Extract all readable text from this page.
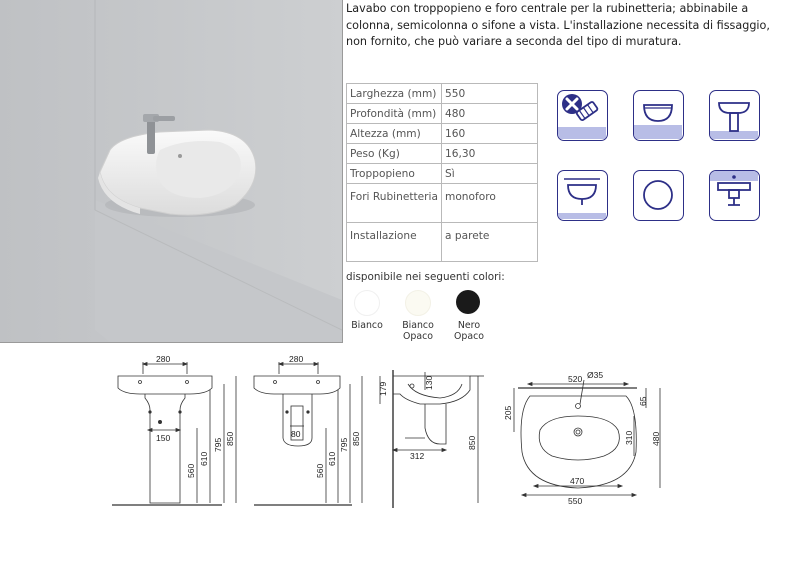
Lavabo con troppopieno e foro centrale per la rubinetteria; abbinabile a colonna, semicolonna o sifone a vista. L'installazione necessita di fissaggio, non fornito, che può variare a seconda del tipo di muratura.
Larghezza (mm)	550
Profondità (mm)	480
Altezza (mm)	160
Peso (Kg)	16,30
Troppopieno	Sì
Fori Rubinetteria	monoforo
Installazione	a parete
disponibile nei seguenti colori:
Bianco	Bianco
Opaco
Nero
Opaco
280
150
560
610
795 850
280
80
560
610
795 850
179	130
312
850
520 Ø35
205
310
65
480
470
550
